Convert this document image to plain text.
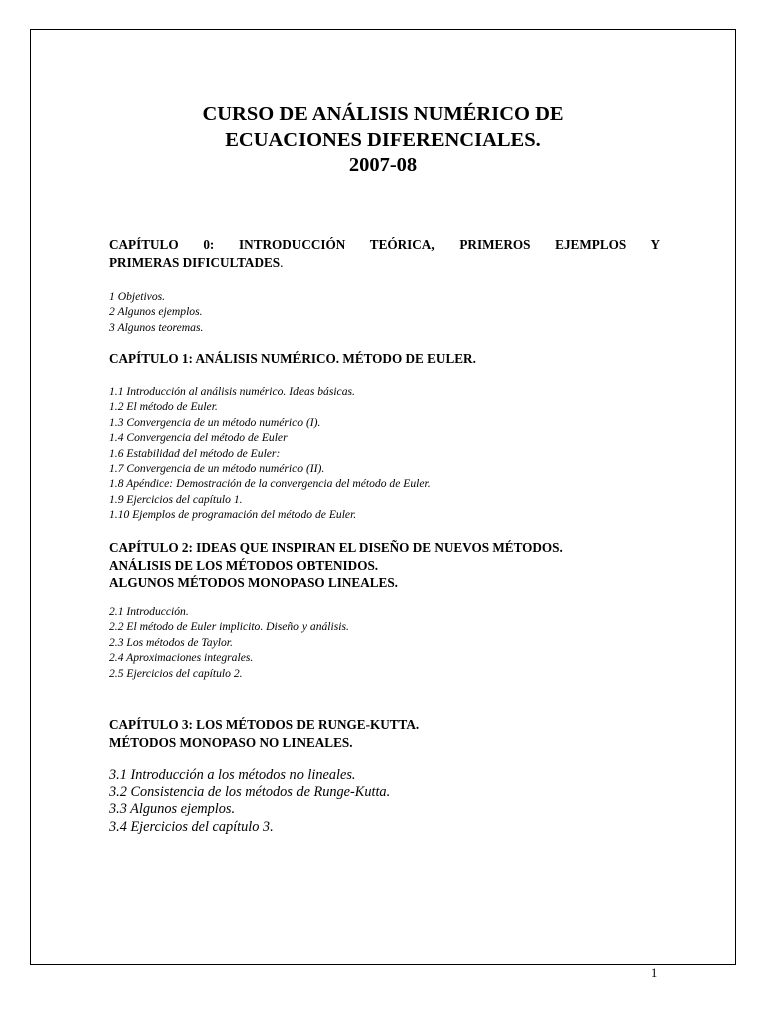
CURSO DE ANÁLISIS NUMÉRICO DE
ECUACIONES DIFERENCIALES.
2007-08
CAPÍTULO 0: INTRODUCCIÓN TEÓRICA, PRIMEROS EJEMPLOS Y
PRIMERAS DIFICULTADES.
1 Objetivos.
2 Algunos ejemplos.
3 Algunos teoremas.
CAPÍTULO 1: ANÁLISIS NUMÉRICO. MÉTODO DE EULER.
1.1 Introducción al análisis numérico. Ideas básicas.
1.2 El método de Euler.
1.3 Convergencia de un método numérico (I).
1.4 Convergencia del método de Euler
1.6 Estabilidad del método de Euler:
1.7 Convergencia de un método numérico (II).
1.8 Apéndice: Demostración de la convergencia del método de Euler.
1.9 Ejercicios del capítulo 1.
1.10 Ejemplos de programación del método de Euler.
CAPÍTULO 2: IDEAS QUE INSPIRAN EL DISEÑO DE NUEVOS MÉTODOS.
ANÁLISIS DE LOS MÉTODOS OBTENIDOS.
ALGUNOS MÉTODOS MONOPASO LINEALES.
2.1 Introducción.
2.2 El método de Euler implicito. Diseño y análisis.
2.3 Los métodos de Taylor.
2.4 Aproximaciones integrales.
2.5 Ejercicios del capítulo 2.
CAPÍTULO 3: LOS MÉTODOS DE RUNGE-KUTTA.
MÉTODOS MONOPASO NO LINEALES.
3.1 Introducción a los métodos no lineales.
3.2 Consistencia de los métodos de Runge-Kutta.
3.3 Algunos ejemplos.
3.4 Ejercicios del capítulo 3.
1
